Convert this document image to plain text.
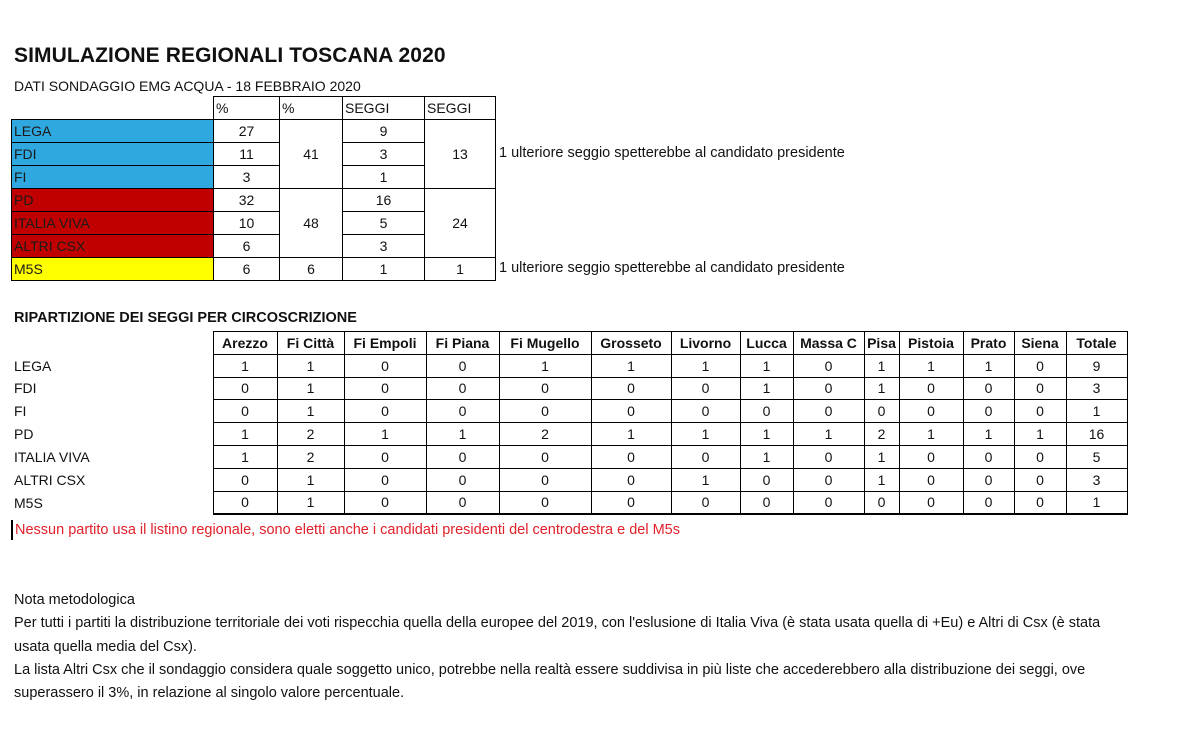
SIMULAZIONE REGIONALI TOSCANA 2020
DATI SONDAGGIO EMG ACQUA - 18 FEBBRAIO 2020
	%	%	SEGGI	SEGGI	
LEGA	27	41	9	13	1 ulteriore seggio spetterebbe al candidato presidente
FDI	11		3		
FI	3		1		
PD	32	48	16	24	
ITALIA VIVA	10		5		
ALTRI CSX	6		3		
M5S	6	6	1	1	1 ulteriore seggio spetterebbe al candidato presidente
RIPARTIZIONE DEI SEGGI PER CIRCOSCRIZIONE
	Arezzo	Fi Città	Fi Empoli	Fi Piana	Fi Mugello	Grosseto	Livorno	Lucca	Massa C	Pisa	Pistoia	Prato	Siena	Totale
LEGA	1	1	0	0	1	1	1	1	0	1	1	1	0	9
FDI	0	1	0	0	0	0	0	1	0	1	0	0	0	3
FI	0	1	0	0	0	0	0	0	0	0	0	0	0	1
PD	1	2	1	1	2	1	1	1	1	2	1	1	1	16
ITALIA VIVA	1	2	0	0	0	0	0	1	0	1	0	0	0	5
ALTRI CSX	0	1	0	0	0	0	1	0	0	1	0	0	0	3
M5S	0	1	0	0	0	0	0	0	0	0	0	0	0	1
Nessun partito usa il listino regionale, sono eletti anche i candidati presidenti del centrodestra e del M5s

Nota metodologica

Per tutti i partiti la distribuzione territoriale dei voti rispecchia quella della europee del 2019, con l'eslusione di Italia Viva (è stata usata quella di +Eu) e Altri di Csx (è stata usata quella media del Csx).

La lista Altri Csx che il sondaggio considera quale soggetto unico, potrebbe nella realtà essere suddivisa in più liste che accederebbero alla distribuzione dei seggi, ove superassero il 3%, in relazione al singolo valore percentuale.
